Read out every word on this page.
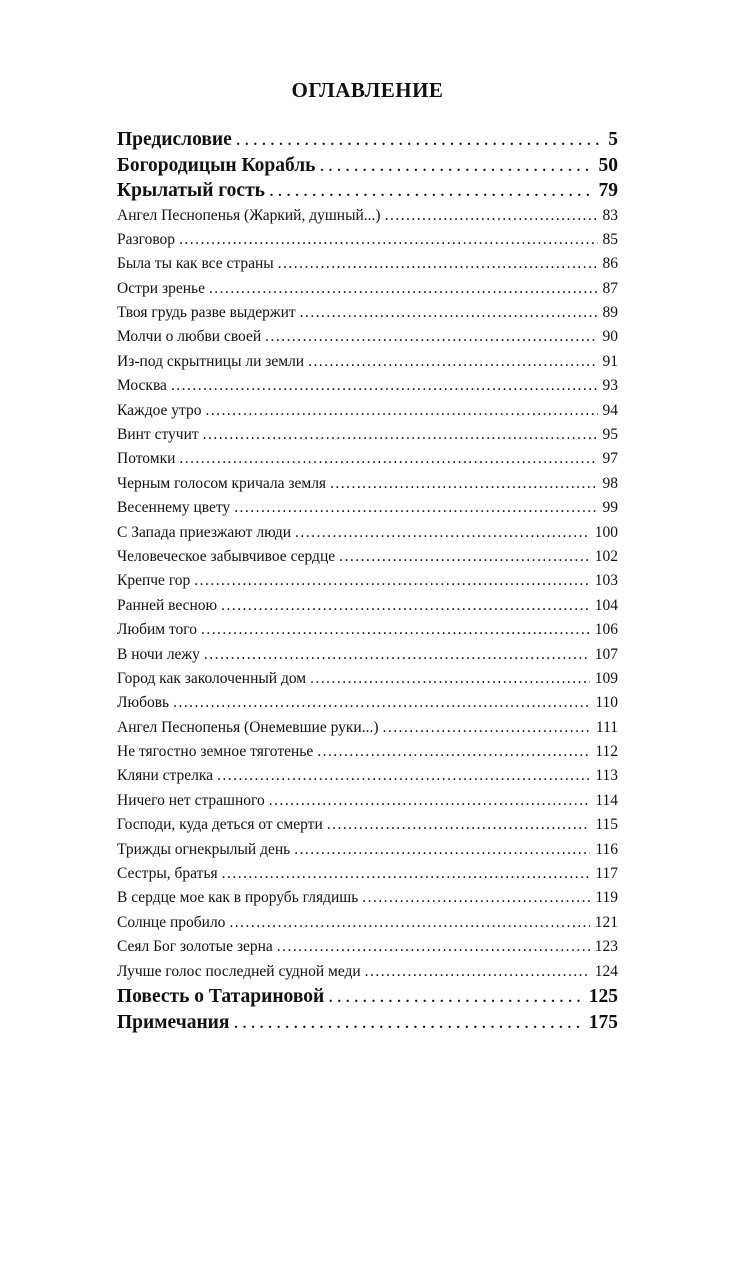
ОГЛАВЛЕНИЕ
Предисловие . . .	5
Богородицын Корабль . . .	50
Крылатый гость . . .	79
Ангел Песнопенья (Жаркий, душный...) . . .	83
Разговор . . .	85
Была ты как все страны . . .	86
Остри зренье . . .	87
Твоя грудь разве выдержит . . .	89
Молчи о любви своей . . .	90
Из-под скрытницы ли земли . . .	91
Москва . . .	93
Каждое утро . . .	94
Винт стучит . . .	95
Потомки . . .	97
Черным голосом кричала земля . . .	98
Весеннему цвету . . .	99
С Запада приезжают люди . . .	100
Человеческое забывчивое сердце . . .	102
Крепче гор . . .	103
Ранней весною . . .	104
Любим того . . .	106
В ночи лежу . . .	107
Город как заколоченный дом . . .	109
Любовь . . .	110
Ангел Песнопенья (Онемевшие руки...) . . .	111
Не тягостно земное тяготенье . . .	112
Кляни стрелка . . .	113
Ничего нет страшного . . .	114
Господи, куда деться от смерти . . .	115
Трижды огнекрылый день . . .	116
Сестры, братья . . .	117
В сердце мое как в прорубь глядишь . . .	119
Солнце пробило . . .	121
Сеял Бог золотые зерна . . .	123
Лучше голос последней судной меди . . .	124
Повесть о Татариновой . . .	125
Примечания . . .	175
